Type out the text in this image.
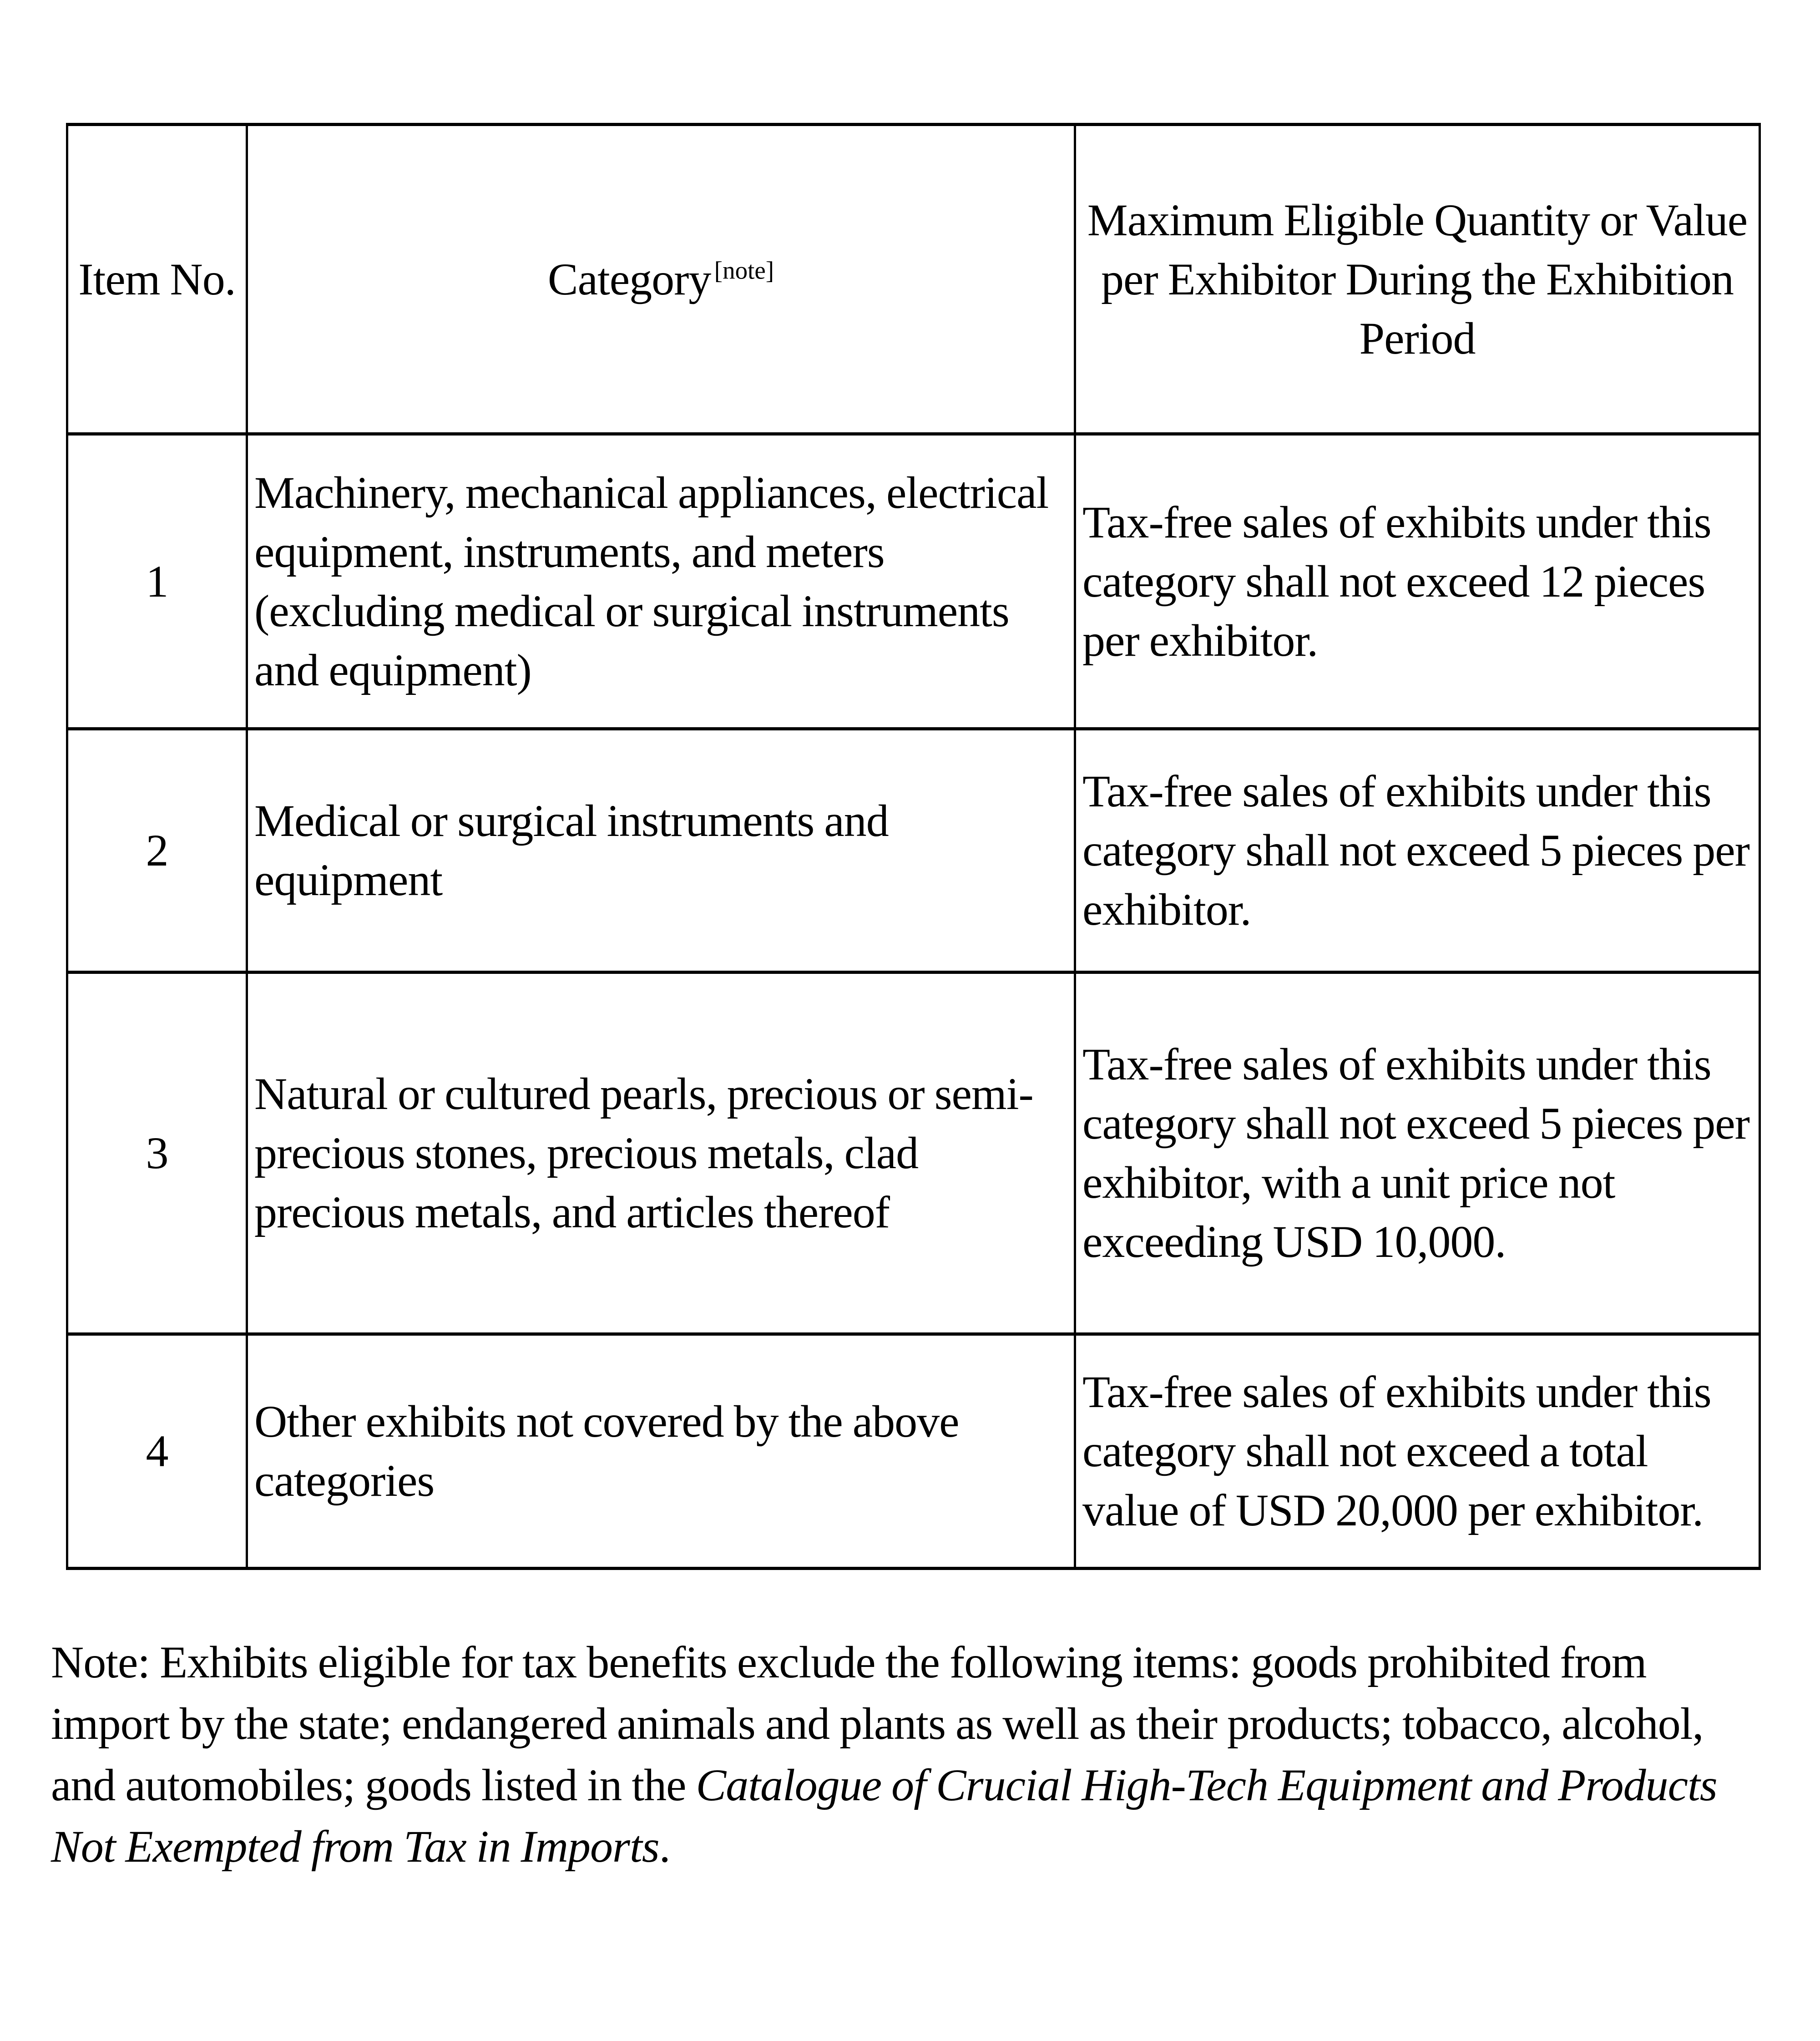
Item No.	Category  [note]	Maximum Eligible Quantity or Value per Exhibitor During the Exhibition Period
1	Machinery, mechanical appliances, electrical equipment, instruments, and meters (excluding medical or surgical instruments and equipment)	Tax-free sales of exhibits under this category shall not exceed 12 pieces per exhibitor.
2	Medical or surgical instruments and equipment	Tax-free sales of exhibits under this category shall not exceed 5 pieces per exhibitor.
3	Natural or cultured pearls, precious or semi-precious stones, precious metals, clad precious metals, and articles thereof	Tax-free sales of exhibits under this category shall not exceed 5 pieces per exhibitor, with a unit price not exceeding USD 10,000.
4	Other exhibits not covered by the above categories	Tax-free sales of exhibits under this category shall not exceed a total value of USD 20,000 per exhibitor.

Note: Exhibits eligible for tax benefits exclude the following items: goods prohibited from import by the state; endangered animals and plants as well as their products; tobacco, alcohol, and automobiles; goods listed in the Catalogue of Crucial High-Tech Equipment and Products Not Exempted from Tax in Imports.
